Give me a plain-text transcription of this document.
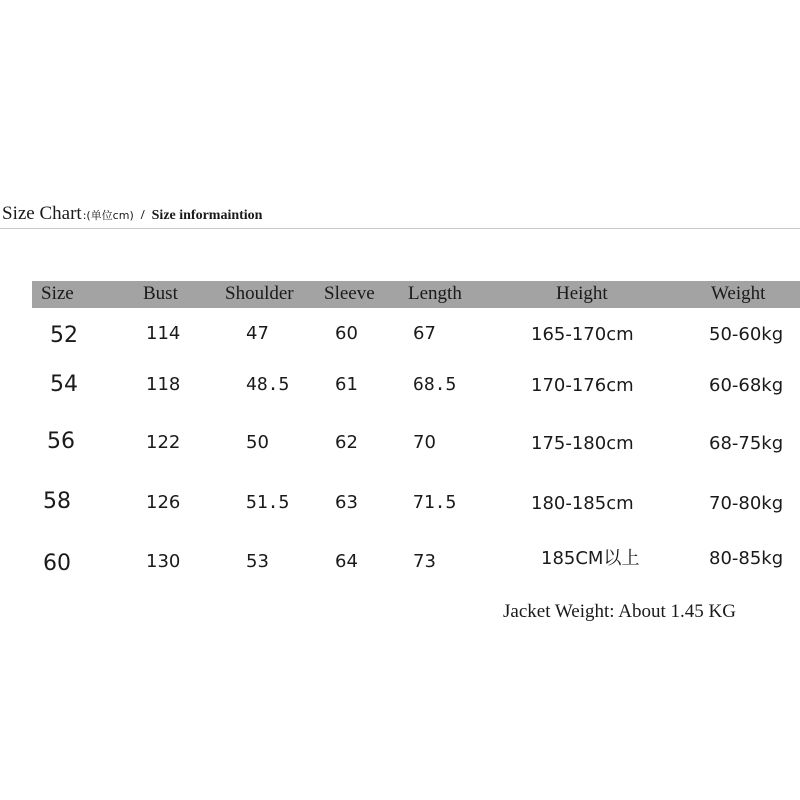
Size Chart:(单位cm) / Size informaintion
Size	Bust Shoulder Sleeve Length	Height	Weight
52	114	47	60	67	165-170cm	50-60kg
54	118	48.5	61	68.5	170-176cm	60-68kg
56	122	50	62	70	175-180cm	68-75kg
58	126	51.5	63	71.5	180-185cm	70-80kg
60	130	53	64	73	185CM以上	80-85kg
Jacket Weight: About 1.45 KG
